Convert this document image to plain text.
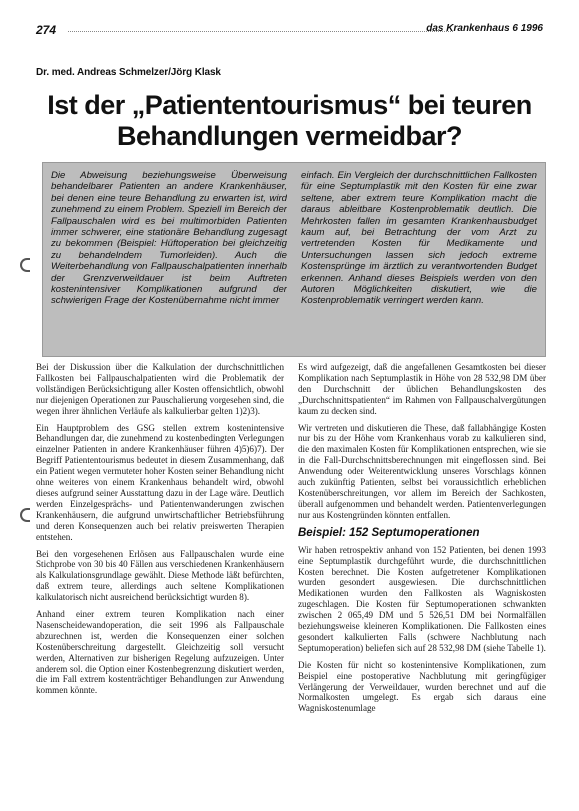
274	das Krankenhaus 6 1996
Dr. med. Andreas Schmelzer/Jörg Klask
Ist der „Patiententourismus“ bei teuren
Behandlungen vermeidbar?
Die Abweisung beziehungsweise Überweisung behandelbarer Patienten an andere Krankenhäuser, bei denen eine teure Behandlung zu erwarten ist, wird zunehmend zu einem Problem. Speziell im Bereich der Fallpauschalen wird es bei multimorbiden Patienten immer schwerer, eine stationäre Behandlung zugesagt zu bekommen (Beispiel: Hüftoperation bei gleichzeitig zu behandelndem Tumorleiden). Auch die Weiterbehandlung von Fallpauschalpatienten innerhalb der Grenzverweildauer ist beim Auftreten kostenintensiver Komplikationen aufgrund der schwierigen Frage der Kostenübernahme nicht immer
einfach. Ein Vergleich der durchschnittlichen Fallkosten für eine Septumplastik mit den Kosten für eine zwar seltene, aber extrem teure Komplikation macht die daraus ableitbare Kostenproblematik deutlich. Die Mehrkosten fallen im gesamten Krankenhausbudget kaum auf, bei Betrachtung der vom Arzt zu vertretenden Kosten für Medikamente und Untersuchungen lassen sich jedoch extreme Kostensprünge im ärztlich zu verantwortenden Budget erkennen. Anhand dieses Beispiels werden von den Autoren Möglichkeiten diskutiert, wie die Kostenproblematik verringert werden kann.

Bei der Diskussion über die Kalkulation der durchschnittlichen Fallkosten bei Fallpauschalpatienten wird die Problematik der vollständigen Berücksichtigung aller Kosten offensichtlich, obwohl nur diejenigen Operationen zur Pauschalierung vorgesehen sind, die wegen ihrer ähnlichen Verläufe als kalkulierbar gelten 1)2)3).

Ein Hauptproblem des GSG stellen extrem kostenintensive Behandlungen dar, die zunehmend zu kostenbedingten Verlegungen einzelner Patienten in andere Krankenhäuser führen 4)5)6)7). Der Begriff Patiententourismus bedeutet in diesem Zusammenhang, daß ein Patient wegen vermuteter hoher Kosten seiner Behandlung nicht ohne weiteres von einem Krankenhaus behandelt wird, obwohl dieses aufgrund seiner Ausstattung dazu in der Lage wäre. Deutlich werden Einzelgesprächs- und Patientenwanderungen zwischen Krankenhäusern, die aufgrund unwirtschaftlicher Betriebsführung und deren Konsequenzen auch bei relativ preiswerten Therapien entstehen.

Bei den vorgesehenen Erlösen aus Fallpauschalen wurde eine Stichprobe von 30 bis 40 Fällen aus verschiedenen Krankenhäusern als Kalkulationsgrundlage gewählt. Diese Methode läßt befürchten, daß extrem teure, allerdings auch seltene Komplikationen kalkulatorisch nicht ausreichend berücksichtigt wurden 8).

Anhand einer extrem teuren Komplikation nach einer Nasenscheidewandoperation, die seit 1996 als Fallpauschale abzurechnen ist, werden die Konsequenzen einer solchen Kostenüberschreitung dargestellt. Gleichzeitig soll versucht werden, Alternativen zur bisherigen Regelung aufzuzeigen. Unter anderem sol. die Option einer Kostenbegrenzung diskutiert werden, die im Fall extrem kostenträchtiger Behandlungen zur Anwendung kommen könnte.

Es wird aufgezeigt, daß die angefallenen Gesamtkosten bei dieser Komplikation nach Septumplastik in Höhe von 28 532,98 DM über den Durchschnitt der üblichen Behandlungskosten des „Durchschnittspatienten“ im Rahmen von Fallpauschalvergütungen kaum zu decken sind.

Wir vertreten und diskutieren die These, daß fallabhängige Kosten nur bis zu der Höhe vom Krankenhaus vorab zu kalkulieren sind, die den maximalen Kosten für Komplikationen entsprechen, wie sie in die Fall-Durchschnittsberechnungen mit eingeflossen sind. Bei Anwendung oder Weiterentwicklung unseres Vorschlags können auch zukünftig Patienten, selbst bei voraussichtlich erheblichen Kostenüberschreitungen, vor allem im Bereich der Sachkosten, überall aufgenommen und behandelt werden. Patientenverlegungen nur aus Kostengründen könnten entfallen.

Beispiel: 152 Septumoperationen

Wir haben retrospektiv anhand von 152 Patienten, bei denen 1993 eine Septumplastik durchgeführt wurde, die durchschnittlichen Kosten berechnet. Die Kosten aufgetretener Komplikationen wurden gesondert ausgewiesen. Die durchschnittlichen Medikationen wurden den Fallkosten als Wagniskosten zugeschlagen. Die Kosten für Septumoperationen schwankten zwischen 2 065,49 DM und 5 526,51 DM bei Normalfällen beziehungsweise kleineren Komplikationen. Die Fallkosten eines gesondert kalkulierten Falls (schwere Nachblutung nach Septumoperation) beliefen sich auf 28 532,98 DM (siehe Tabelle 1).

Die Kosten für nicht so kostenintensive Komplikationen, zum Beispiel eine postoperative Nachblutung mit geringfügiger Verlängerung der Verweildauer, wurden berechnet und auf die Normalkosten umgelegt. Es ergab sich daraus eine Wagniskostenumlage
